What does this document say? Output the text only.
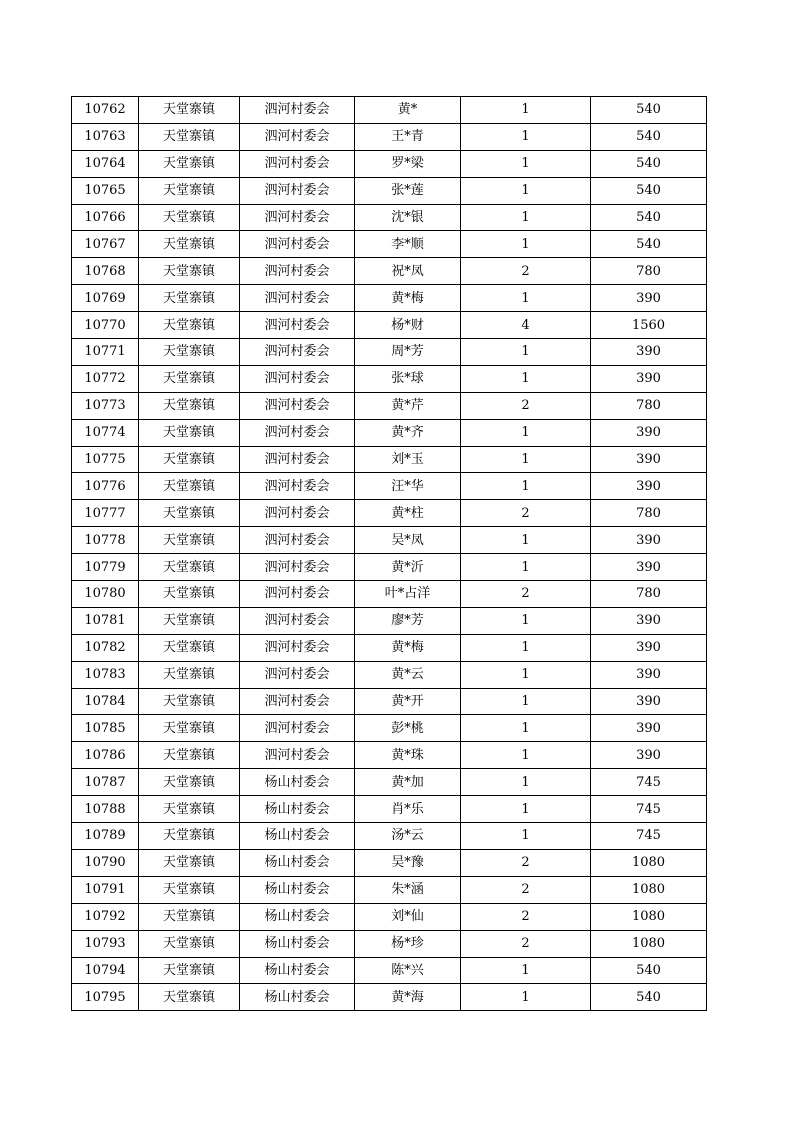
10762	天堂寨镇	泗河村委会	黄*	1	540
10763	天堂寨镇	泗河村委会	王*青	1	540
10764	天堂寨镇	泗河村委会	罗*梁	1	540
10765	天堂寨镇	泗河村委会	张*莲	1	540
10766	天堂寨镇	泗河村委会	沈*银	1	540
10767	天堂寨镇	泗河村委会	李*顺	1	540
10768	天堂寨镇	泗河村委会	祝*凤	2	780
10769	天堂寨镇	泗河村委会	黄*梅	1	390
10770	天堂寨镇	泗河村委会	杨*财	4	1560
10771	天堂寨镇	泗河村委会	周*芳	1	390
10772	天堂寨镇	泗河村委会	张*球	1	390
10773	天堂寨镇	泗河村委会	黄*芹	2	780
10774	天堂寨镇	泗河村委会	黄*齐	1	390
10775	天堂寨镇	泗河村委会	刘*玉	1	390
10776	天堂寨镇	泗河村委会	汪*华	1	390
10777	天堂寨镇	泗河村委会	黄*柱	2	780
10778	天堂寨镇	泗河村委会	吴*凤	1	390
10779	天堂寨镇	泗河村委会	黄*沂	1	390
10780	天堂寨镇	泗河村委会	叶*占洋	2	780
10781	天堂寨镇	泗河村委会	廖*芳	1	390
10782	天堂寨镇	泗河村委会	黄*梅	1	390
10783	天堂寨镇	泗河村委会	黄*云	1	390
10784	天堂寨镇	泗河村委会	黄*开	1	390
10785	天堂寨镇	泗河村委会	彭*桃	1	390
10786	天堂寨镇	泗河村委会	黄*珠	1	390
10787	天堂寨镇	杨山村委会	黄*加	1	745
10788	天堂寨镇	杨山村委会	肖*乐	1	745
10789	天堂寨镇	杨山村委会	汤*云	1	745
10790	天堂寨镇	杨山村委会	吴*豫	2	1080
10791	天堂寨镇	杨山村委会	朱*涵	2	1080
10792	天堂寨镇	杨山村委会	刘*仙	2	1080
10793	天堂寨镇	杨山村委会	杨*珍	2	1080
10794	天堂寨镇	杨山村委会	陈*兴	1	540
10795	天堂寨镇	杨山村委会	黄*海	1	540
